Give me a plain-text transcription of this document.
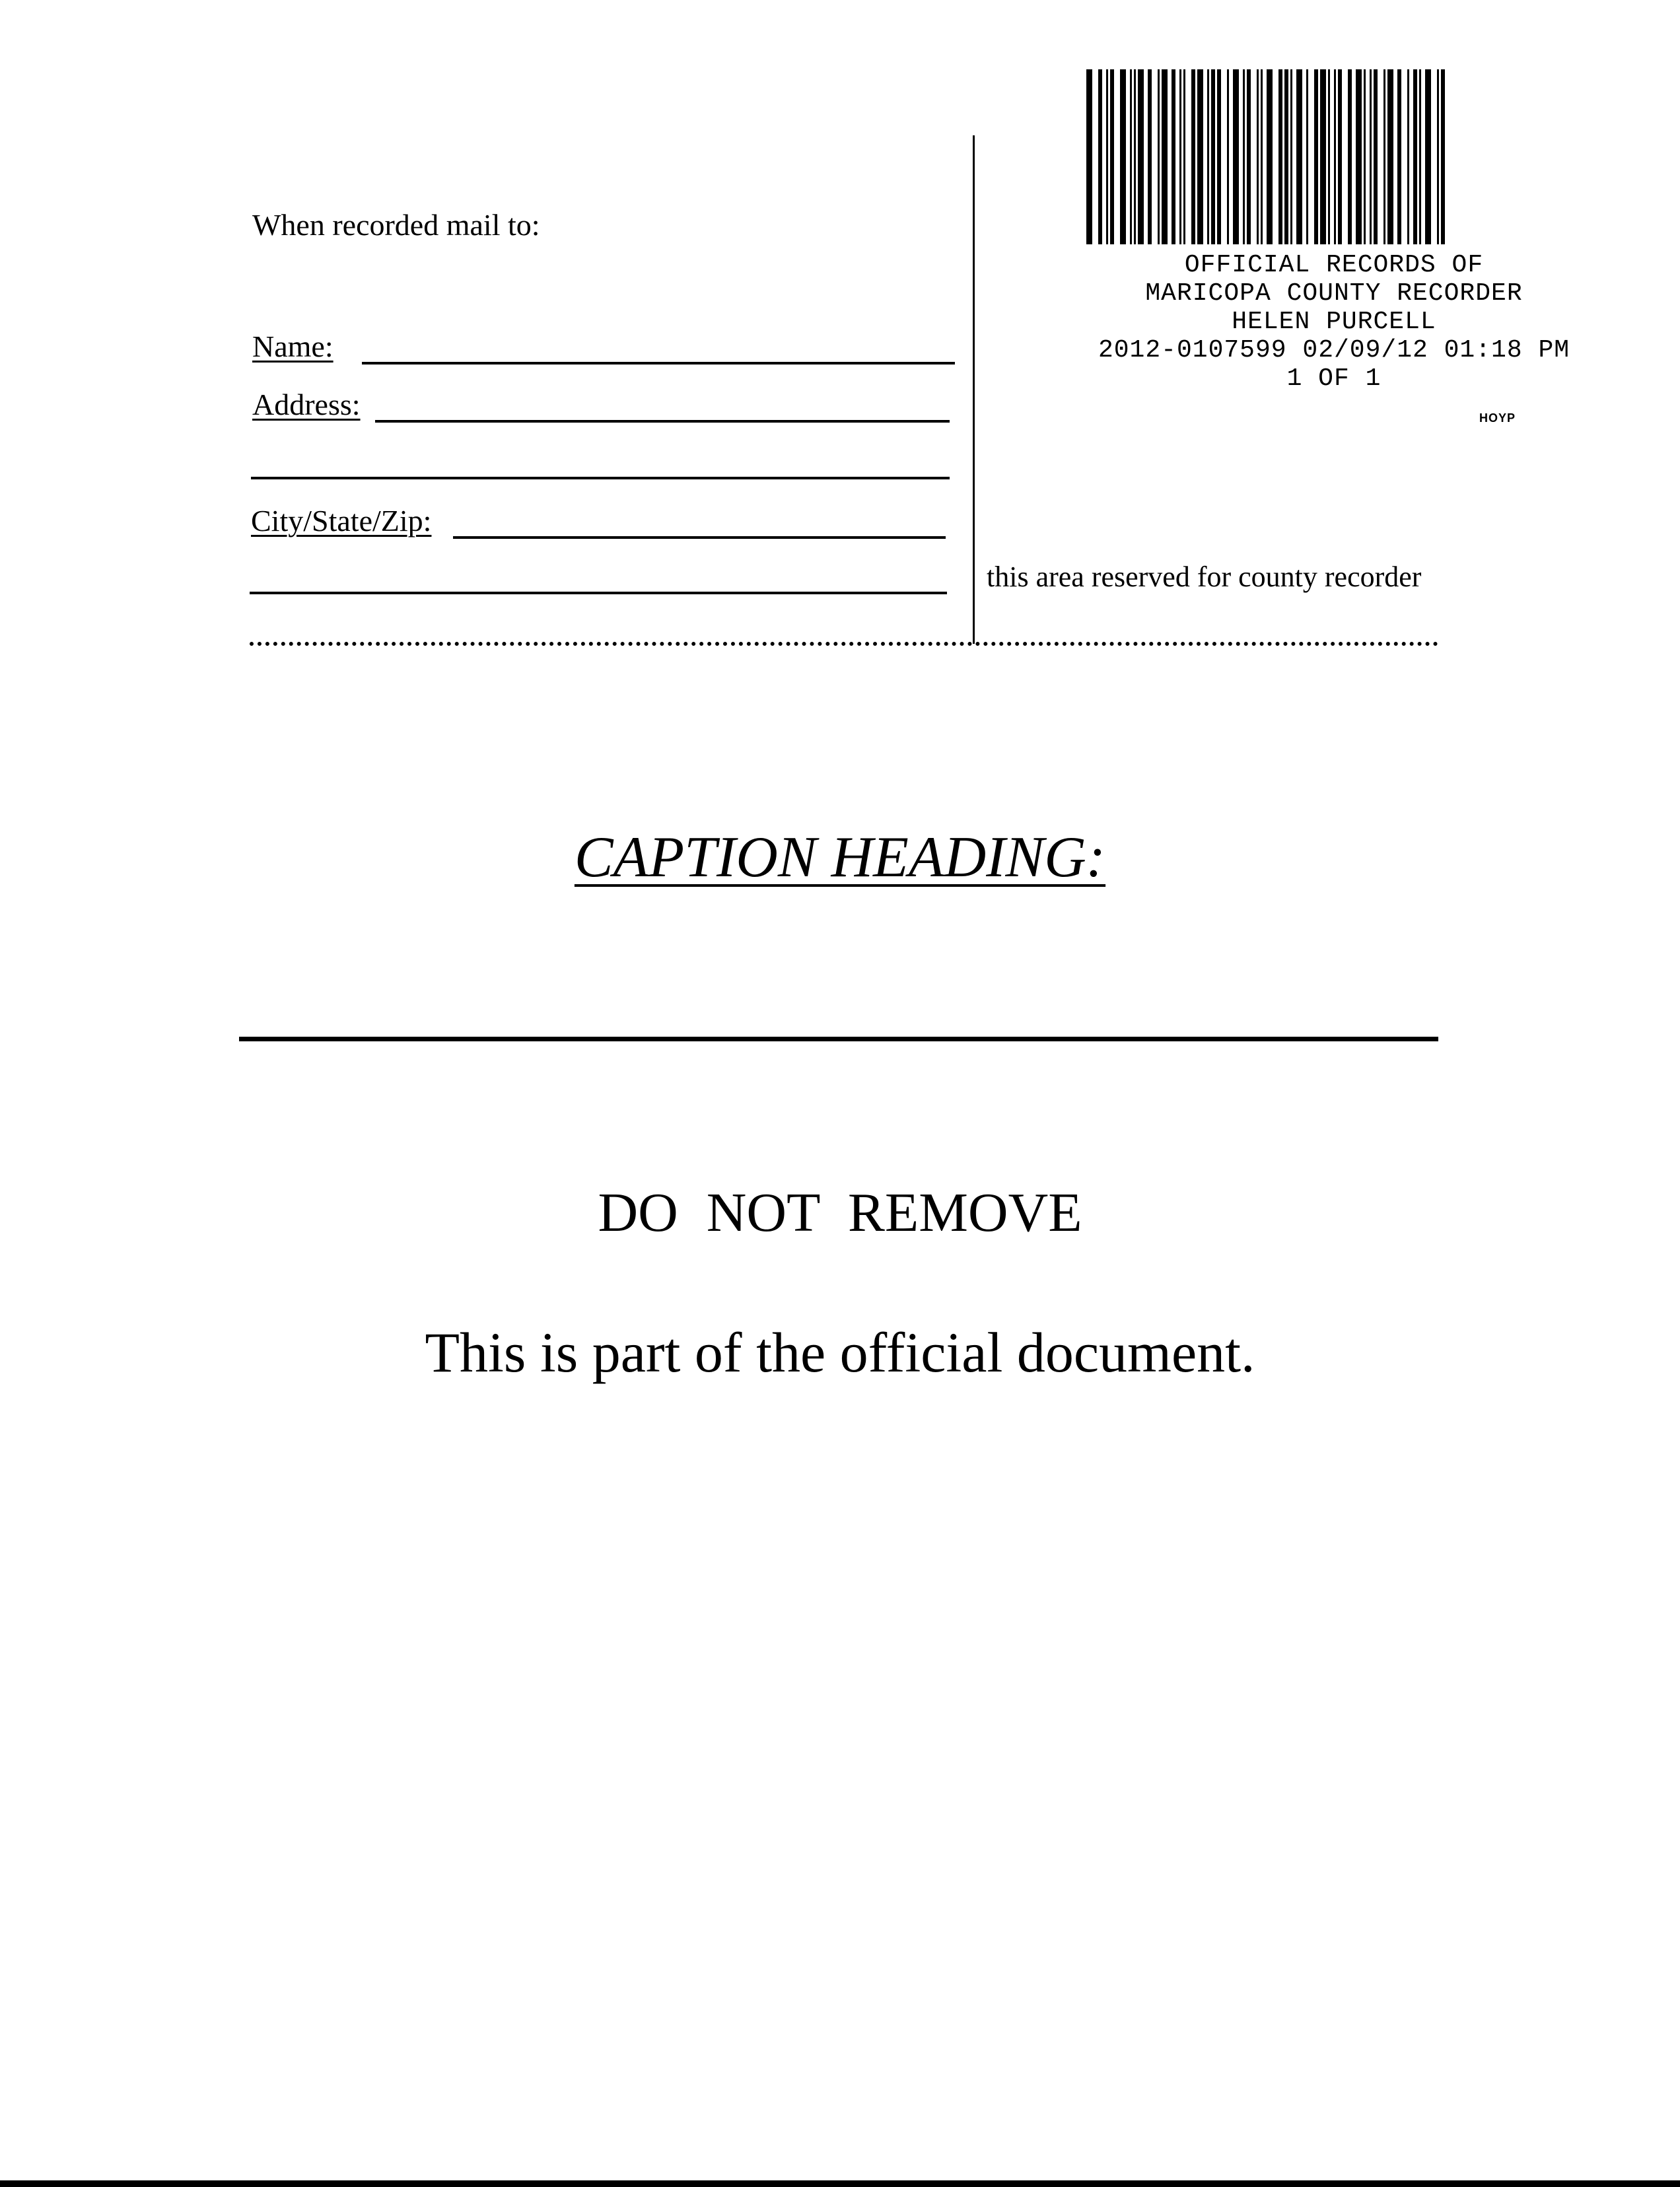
When recorded mail to:
Name:
Address:
City/State/Zip:
this area reserved for county recorder
OFFICIAL RECORDS OF
MARICOPA COUNTY RECORDER
HELEN PURCELL
2012-0107599 02/09/12 01:18 PM
1 OF 1
HOYP
CAPTION HEADING:
DO NOT REMOVE
This is part of the official document.
